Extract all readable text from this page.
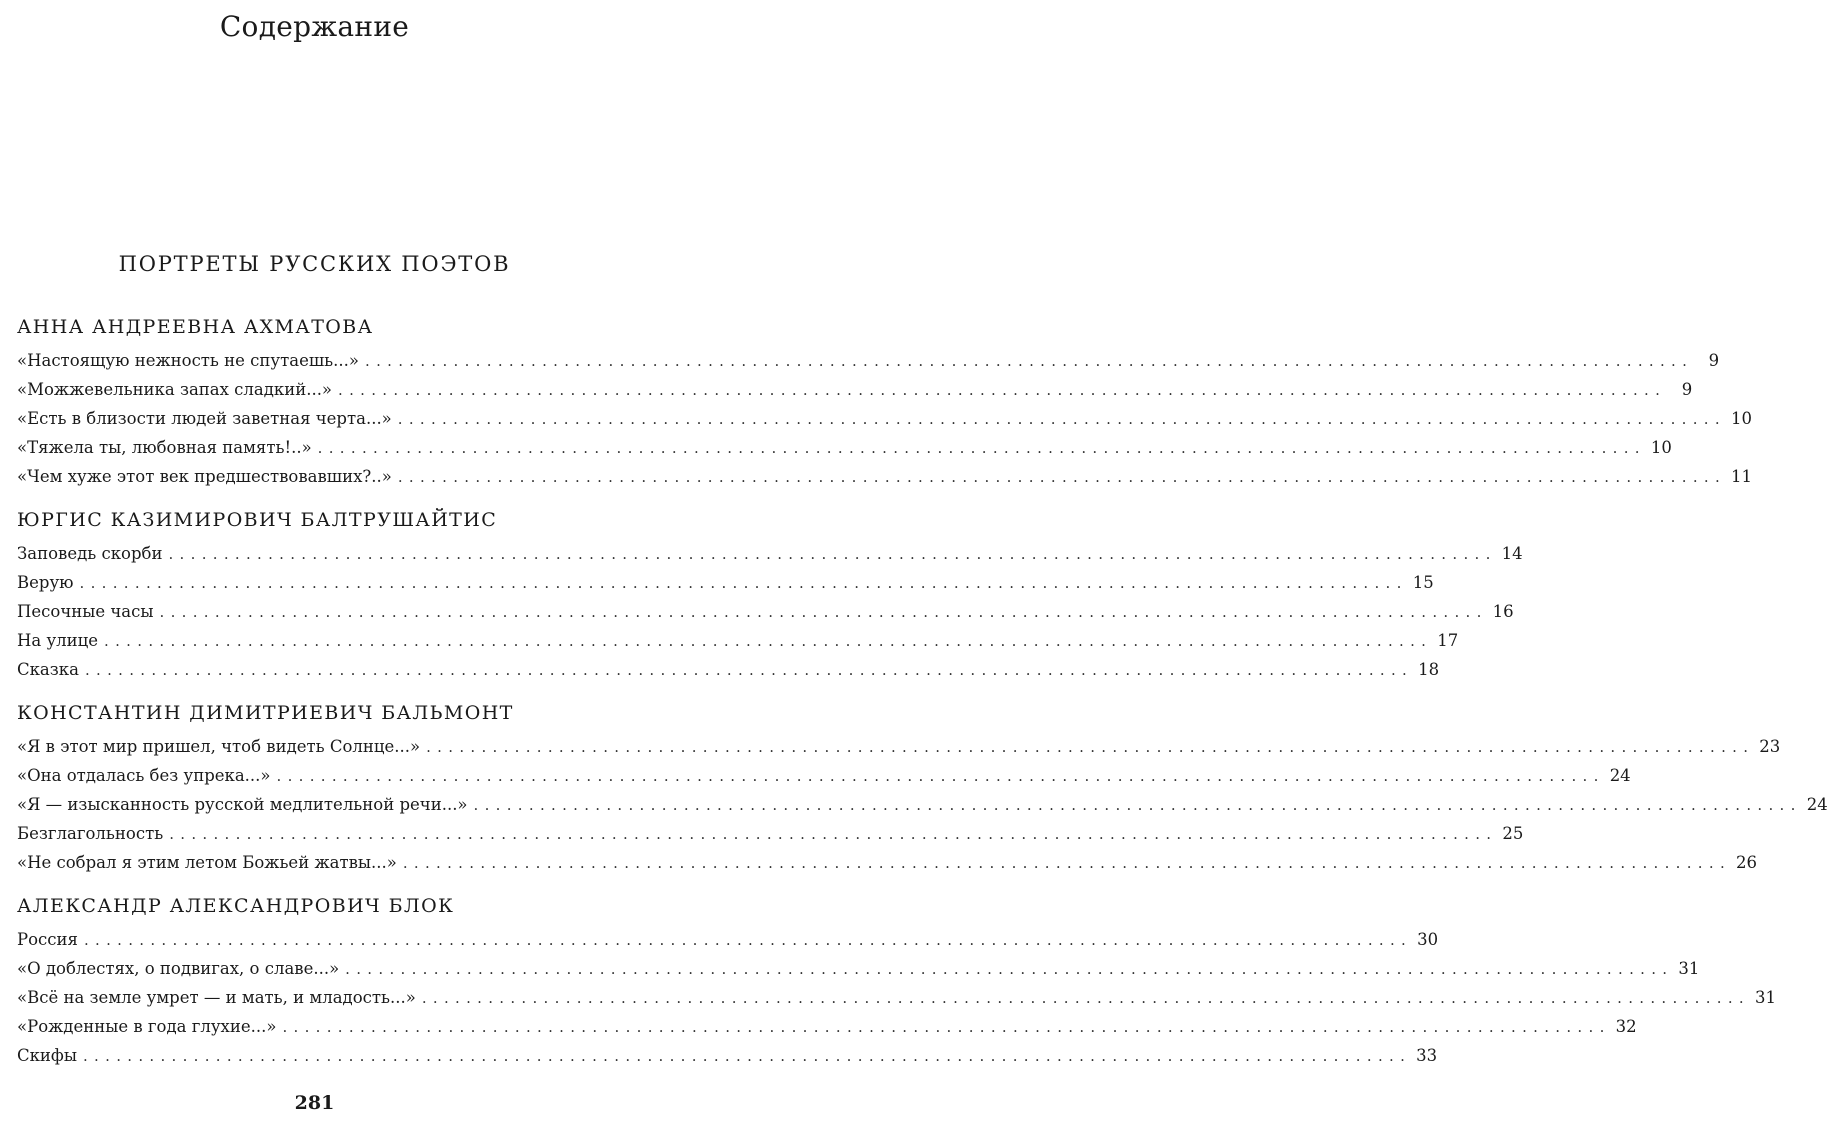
Содержание
ПОРТРЕТЫ РУССКИХ ПОЭТОВ
АННА АНДРЕЕВНА АХМАТОВА
«Настоящую нежность не спутаешь...» ........................................................................................................................ 9
«Можжевельника запах сладкий...» ........................................................................................................................ 9
«Есть в близости людей заветная черта...» ........................................................................................................................ 10
«Тяжела ты, любовная память!..» ........................................................................................................................ 10
«Чем хуже этот век предшествовавших?..» ........................................................................................................................ 11
ЮРГИС КАЗИМИРОВИЧ БАЛТРУШАЙТИС
Заповедь скорби ........................................................................................................................ 14
Верую ........................................................................................................................ 15
Песочные часы ........................................................................................................................ 16
На улице ........................................................................................................................ 17
Сказка ........................................................................................................................ 18
КОНСТАНТИН ДИМИТРИЕВИЧ БАЛЬМОНТ
«Я в этот мир пришел, чтоб видеть Солнце...» ........................................................................................................................ 23
«Она отдалась без упрека...» ........................................................................................................................ 24
«Я — изысканность русской медлительной речи...» ........................................................................................................................ 24
Безглагольность ........................................................................................................................ 25
«Не собрал я этим летом Божьей жатвы...» ........................................................................................................................ 26
АЛЕКСАНДР АЛЕКСАНДРОВИЧ БЛОК
Россия ........................................................................................................................ 30
«О доблестях, о подвигах, о славе...» ........................................................................................................................ 31
«Всё на земле умрет — и мать, и младость...» ........................................................................................................................ 31
«Рожденные в года глухие...» ........................................................................................................................ 32
Скифы ........................................................................................................................ 33
281
